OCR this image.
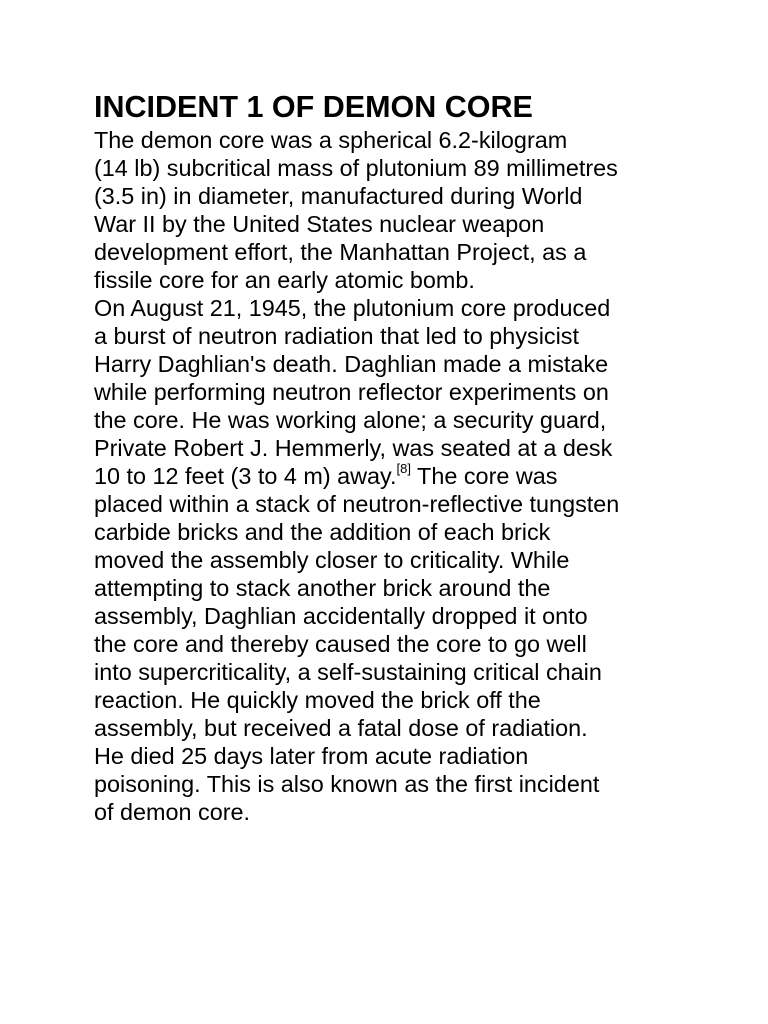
INCIDENT 1 OF DEMON CORE

The demon core was a spherical 6.2-kilogram
(14 lb) subcritical mass of plutonium 89 millimetres
(3.5 in) in diameter, manufactured during World
War II by the United States nuclear weapon
development effort, the Manhattan Project, as a
fissile core for an early atomic bomb.

On August 21, 1945, the plutonium core produced
a burst of neutron radiation that led to physicist
Harry Daghlian's death. Daghlian made a mistake
while performing neutron reflector experiments on
the core. He was working alone; a security guard,
Private Robert J. Hemmerly, was seated at a desk
10 to 12 feet (3 to 4 m) away.[8] The core was
placed within a stack of neutron-reflective tungsten
carbide bricks and the addition of each brick
moved the assembly closer to criticality. While
attempting to stack another brick around the
assembly, Daghlian accidentally dropped it onto
the core and thereby caused the core to go well
into supercriticality, a self-sustaining critical chain
reaction. He quickly moved the brick off the
assembly, but received a fatal dose of radiation.
He died 25 days later from acute radiation
poisoning. This is also known as the first incident
of demon core.
